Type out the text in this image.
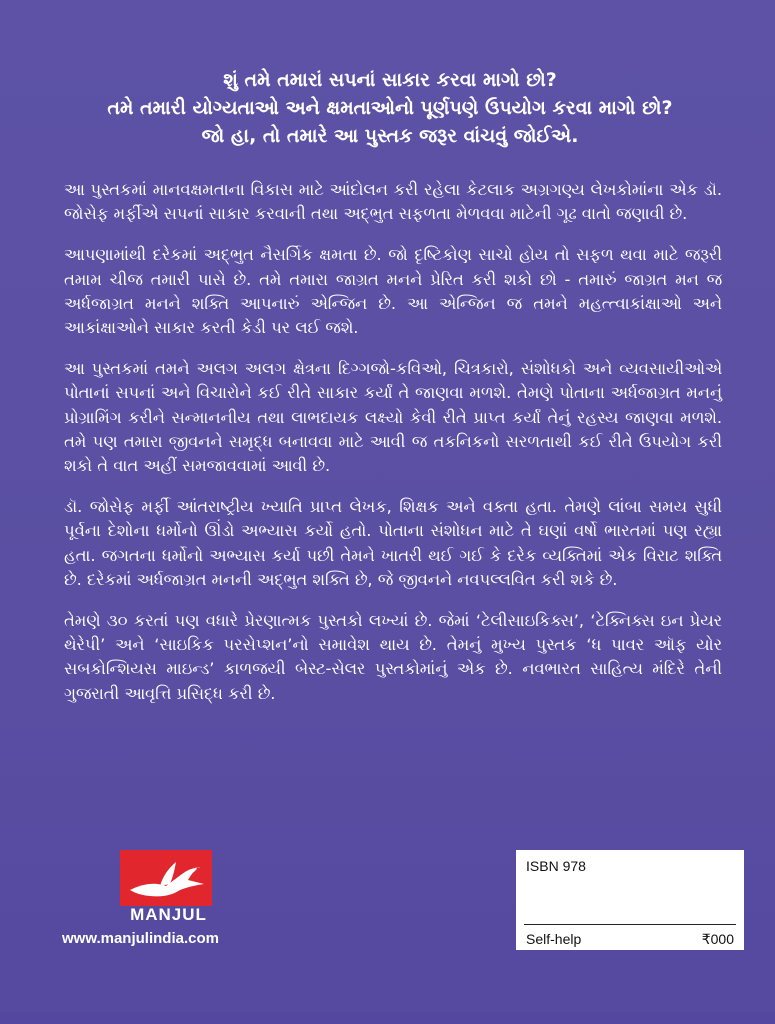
શું તમે તમારાં સપનાં સાકાર કરવા માગો છો?
તમે તમારી યોગ્યતાઓ અને ક્ષમતાઓનો પૂર્ણપણે ઉપયોગ કરવા માગો છો?
જો હા, તો તમારે આ પુસ્તક જરૂર વાંચવું જોઈએ.

આ પુસ્તકમાં માનવક્ષમતાના વિકાસ માટે આંદોલન કરી રહેલા કેટલાક અગ્રગણ્ય લેખકોમાંના એક ડૉ. જોસેફ મર્ફીએ સપનાં સાકાર કરવાની તથા અદ્ભુત સફળતા મેળવવા માટેની ગૂઢ વાતો જણાવી છે.

આપણામાંથી દરેકમાં અદ્ભુત નૈસર્ગિક ક્ષમતા છે. જો દૃષ્ટિકોણ સાચો હોય તો સફળ થવા માટે જરૂરી તમામ ચીજ તમારી પાસે છે. તમે તમારા જાગ્રત મનને પ્રેરિત કરી શકો છો - તમારું જાગ્રત મન જ અર્ધજાગ્રત મનને શક્તિ આપનારું એન્જિન છે. આ એન્જિન જ તમને મહત્ત્વાકાંક્ષાઓ અને આકાંક્ષાઓને સાકાર કરતી કેડી પર લઈ જશે.

આ પુસ્તકમાં તમને અલગ અલગ ક્ષેત્રના દિગ્ગજો-કવિઓ, ચિત્રકારો, સંશોધકો અને વ્યવસાયીઓએ પોતાનાં સપનાં અને વિચારોને કઈ રીતે સાકાર કર્યાં તે જાણવા મળશે. તેમણે પોતાના અર્ધજાગ્રત મનનું પ્રોગ્રામિંગ કરીને સન્માનનીય તથા લાભદાયક લક્ષ્યો કેવી રીતે પ્રાપ્ત કર્યાં તેનું રહસ્ય જાણવા મળશે. તમે પણ તમારા જીવનને સમૃદ્ધ બનાવવા માટે આવી જ તકનિકનો સરળતાથી કઈ રીતે ઉપયોગ કરી શકો તે વાત અહીં સમજાવવામાં આવી છે.

ડૉ. જોસેફ મર્ફી આંતરાષ્ટ્રીય ખ્યાતિ પ્રાપ્ત લેખક, શિક્ષક અને વક્તા હતા. તેમણે લાંબા સમય સુધી પૂર્વના દેશોના ધર્મોનો ઊંડો અભ્યાસ કર્યો હતો. પોતાના સંશોધન માટે તે ઘણાં વર્ષો ભારતમાં પણ રહ્યા હતા. જગતના ધર્મોનો અભ્યાસ કર્યા પછી તેમને ખાતરી થઈ ગઈ કે દરેક વ્યક્તિમાં એક વિરાટ શક્તિ છે. દરેકમાં અર્ધજાગ્રત મનની અદ્ભુત શક્તિ છે, જે જીવનને નવપલ્લવિત કરી શકે છે.

તેમણે ૩૦ કરતાં પણ વધારે પ્રેરણાત્મક પુસ્તકો લખ્યાં છે. જેમાં ‘ટેલીસાઇકિક્સ’, ‘ટેક્નિક્સ ઇન પ્રેયર થેરેપી’ અને ‘સાઇકિક પરસેપ્શન’નો સમાવેશ થાય છે. તેમનું મુખ્ય પુસ્તક ‘ધ પાવર ઑફ યોર સબકોન્શિયસ માઇન્ડ’ કાળજયી બેસ્ટ-સેલર પુસ્તકોમાંનું એક છે. નવભારત સાહિત્ય મંદિરે તેની ગુજરાતી આવૃત્તિ પ્રસિદ્ધ કરી છે.

MANJUL
www.manjulindia.com
ISBN 978
Self-help	₹000
